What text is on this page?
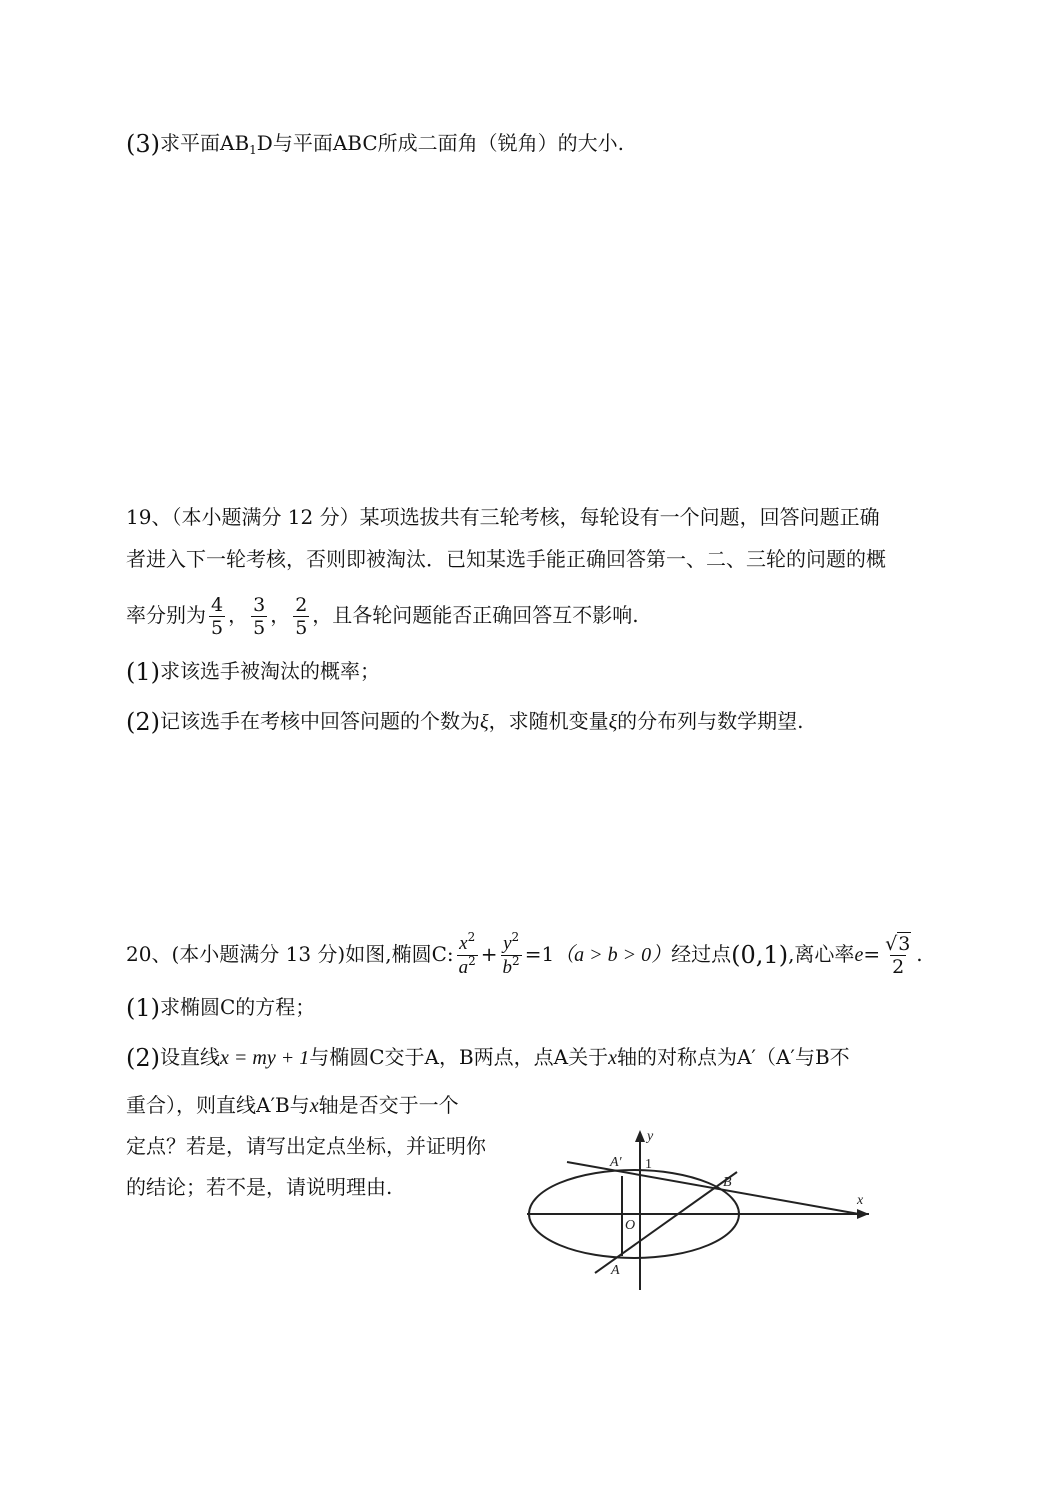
(3)求平面$AB_1D$与平面ABC所成二面角（锐角）的大小.
19、（本小题满分 12 分）某项选拔共有三轮考核，每轮设有一个问题，回答问题正确
者进入下一轮考核，否则即被淘汰．已知某选手能正确回答第一、二、三轮的问题的概
率分别为 $\frac{4}{5}$ ， $\frac{3}{5}$ ， $\frac{2}{5}$ ，且各轮问题能否正确回答互不影响.
(1)求该选手被淘汰的概率；
(2)记该选手在考核中回答问题的个数为ξ，求随机变量ξ的分布列与数学期望.
20、(本小题满分 13 分)如图,椭圆C: $\frac{x^2}{a^2} + \frac{y^2}{b^2} =1(a > b > 0)$经过点(0,1),离心率$e= \frac{√3}{2}$ .
(1)求椭圆C的方程；
(2)设直线x = my + 1与椭圆C交于A，B两点，点A关于x轴的对称点为A′（A′与B不
重合），则直线A′B与x轴是否交于一个
定点？若是，请写出定点坐标，并证明你
的结论；若不是，请说明理由.
y
x
1
A′
B
O
A
